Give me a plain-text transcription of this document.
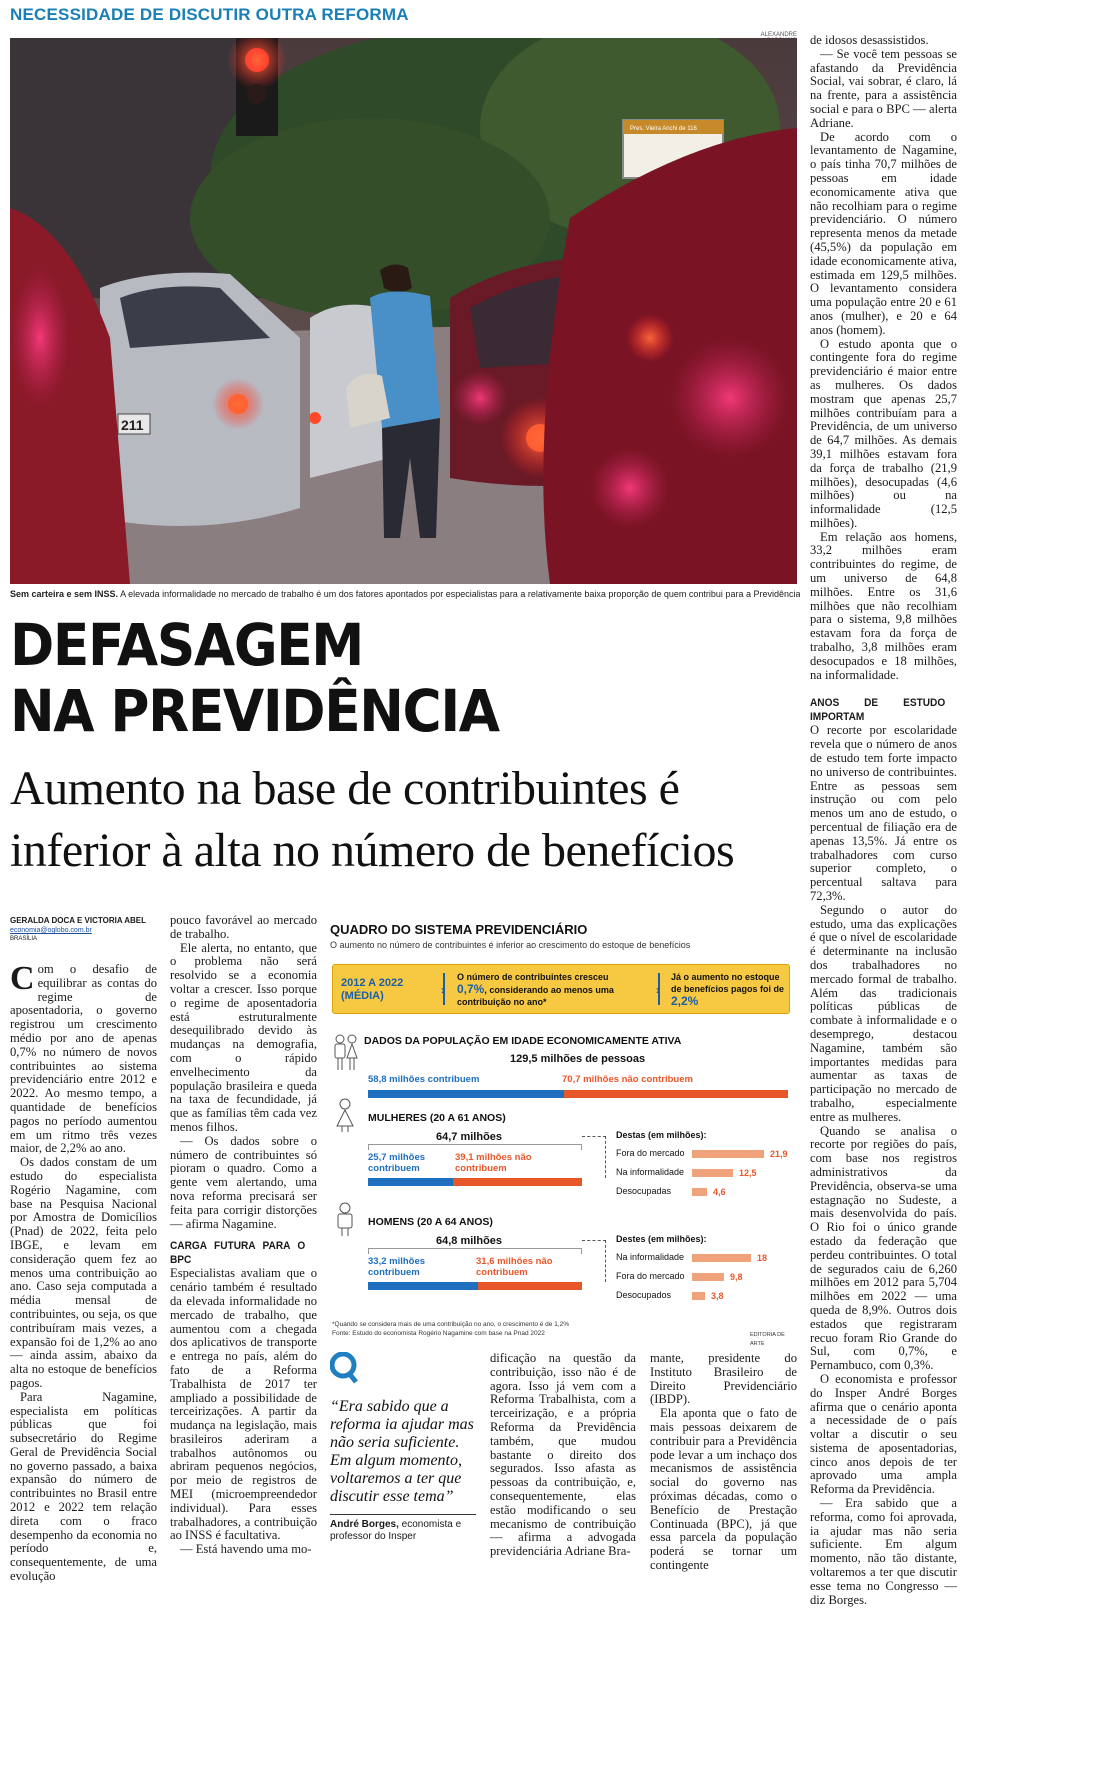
NECESSIDADE DE DISCUTIR OUTRA REFORMA
ALEXANDRE
Pres. Vieira Anchi de 116
211
Sem carteira e sem INSS. A elevada informalidade no mercado de trabalho é um dos fatores apontados por especialistas para a relativamente baixa proporção de quem contribui para a Previdência
DEFASAGEM
NA PREVIDÊNCIA
Aumento na base de contribuintes é inferior à alta no número de benefícios
GERALDA DOCA E VICTORIA ABEL
economia@oglobo.com.br
BRASÍLIA

Com o desafio de equilibrar as contas do regime de aposentadoria, o governo registrou um crescimento médio por ano de apenas 0,7% no número de novos contribuintes ao sistema previdenciário entre 2012 e 2022. Ao mesmo tempo, a quantidade de benefícios pagos no período aumentou em um ritmo três vezes maior, de 2,2% ao ano.

Os dados constam de um estudo do especialista Rogério Nagamine, com base na Pesquisa Nacional por Amostra de Domicílios (Pnad) de 2022, feita pelo IBGE, e levam em consideração quem fez ao menos uma contribuição ao ano. Caso seja computada a média mensal de contribuintes, ou seja, os que contribuíram mais vezes, a expansão foi de 1,2% ao ano — ainda assim, abaixo da alta no estoque de benefícios pagos.

Para Nagamine, especialista em políticas públicas que foi subsecretário do Regime Geral de Previdência Social no governo passado, a baixa expansão do número de contribuintes no Brasil entre 2012 e 2022 tem relação direta com o fraco desempenho da economia no período e, consequentemente, de uma evolução

pouco favorável ao mercado de trabalho.

Ele alerta, no entanto, que o problema não será resolvido se a economia voltar a crescer. Isso porque o regime de aposentadoria está estruturalmente desequilibrado devido às mudanças na demografia, com o rápido envelhecimento da população brasileira e queda na taxa de fecundidade, já que as famílias têm cada vez menos filhos.

— Os dados sobre o número de contribuintes só pioram o quadro. Como a gente vem alertando, uma nova reforma precisará ser feita para corrigir distorções — afirma Nagamine.

CARGA FUTURA PARA O BPC

Especialistas avaliam que o cenário também é resultado da elevada informalidade no mercado de trabalho, que aumentou com a chegada dos aplicativos de transporte e entrega no país, além do fato de a Reforma Trabalhista de 2017 ter ampliado a possibilidade de terceirizações. A partir da mudança na legislação, mais brasileiros aderiram a trabalhos autônomos ou abriram pequenos negócios, por meio de registros de MEI (microempreendedor individual). Para esses trabalhadores, a contribuição ao INSS é facultativa.

— Está havendo uma mo-

QUADRO DO SISTEMA PREVIDENCIÁRIO
O aumento no número de contribuintes é inferior ao crescimento do estoque de benefícios
2012 A 2022
(MÉDIA)	›
O número de contribuintes cresceu 0,7%, considerando ao menos uma contribuição no ano*
›
Já o aumento no estoque de benefícios pagos foi de 2,2%
DADOS DA POPULAÇÃO EM IDADE ECONOMICAMENTE ATIVA
129,5 milhões de pessoas
58,8 milhões contribuem	70,7 milhões não contribuem
MULHERES (20 A 61 ANOS)
64,7 milhões
25,7 milhões contribuem
39,1 milhões não contribuem
Destas (em milhões):
Fora do mercado	21,9
Na informalidade	12,5
Desocupadas	4,6
HOMENS (20 A 64 ANOS)
64,8 milhões
33,2 milhões contribuem
31,6 milhões não contribuem
Destes (em milhões):
Na informalidade	18
Fora do mercado	9,8
Desocupados	3,8
*Quando se considera mais de uma contribuição no ano, o crescimento é de 1,2%
Fonte: Estudo do economista Rogério Nagamine com base na Pnad 2022	EDITORIA DE ARTE
“Era sabido que a reforma ia ajudar mas não seria suficiente. Em algum momento, voltaremos a ter que discutir esse tema”
André Borges, economista e professor do Insper

dificação na questão da contribuição, isso não é de agora. Isso já vem com a Reforma Trabalhista, com a terceirização, e a própria Reforma da Previdência também, que mudou bastante o direito dos segurados. Isso afasta as pessoas da contribuição, e, consequentemente, elas estão modificando o seu mecanismo de contribuição — afirma a advogada previdenciária Adriane Bra-

mante, presidente do Instituto Brasileiro de Direito Previdenciário (IBDP).

Ela aponta que o fato de mais pessoas deixarem de contribuir para a Previdência pode levar a um inchaço dos mecanismos de assistência social do governo nas próximas décadas, como o Benefício de Prestação Continuada (BPC), já que essa parcela da população poderá se tornar um contingente

de idosos desassistidos.

— Se você tem pessoas se afastando da Previdência Social, vai sobrar, é claro, lá na frente, para a assistência social e para o BPC — alerta Adriane.

De acordo com o levantamento de Nagamine, o país tinha 70,7 milhões de pessoas em idade economicamente ativa que não recolhiam para o regime previdenciário. O número representa menos da metade (45,5%) da população em idade economicamente ativa, estimada em 129,5 milhões. O levantamento considera uma população entre 20 e 61 anos (mulher), e 20 e 64 anos (homem).

O estudo aponta que o contingente fora do regime previdenciário é maior entre as mulheres. Os dados mostram que apenas 25,7 milhões contribuíam para a Previdência, de um universo de 64,7 milhões. As demais 39,1 milhões estavam fora da força de trabalho (21,9 milhões), desocupadas (4,6 milhões) ou na informalidade (12,5 milhões).

Em relação aos homens, 33,2 milhões eram contribuintes do regime, de um universo de 64,8 milhões. Entre os 31,6 milhões que não recolhiam para o sistema, 9,8 milhões estavam fora da força de trabalho, 3,8 milhões eram desocupados e 18 milhões, na informalidade.

ANOS DE ESTUDO IMPORTAM

O recorte por escolaridade revela que o número de anos de estudo tem forte impacto no universo de contribuintes. Entre as pessoas sem instrução ou com pelo menos um ano de estudo, o percentual de filiação era de apenas 13,5%. Já entre os trabalhadores com curso superior completo, o percentual saltava para 72,3%.

Segundo o autor do estudo, uma das explicações é que o nível de escolaridade é determinante na inclusão dos trabalhadores no mercado formal de trabalho. Além das tradicionais políticas públicas de combate à informalidade e o desemprego, destacou Nagamine, também são importantes medidas para aumentar as taxas de participação no mercado de trabalho, especialmente entre as mulheres.

Quando se analisa o recorte por regiões do país, com base nos registros administrativos da Previdência, observa-se uma estagnação no Sudeste, a mais desenvolvida do país. O Rio foi o único grande estado da federação que perdeu contribuintes. O total de segurados caiu de 6,260 milhões em 2012 para 5,704 milhões em 2022 — uma queda de 8,9%. Outros dois estados que registraram recuo foram Rio Grande do Sul, com 0,7%, e Pernambuco, com 0,3%.

O economista e professor do Insper André Borges afirma que o cenário aponta a necessidade de o país voltar a discutir o seu sistema de aposentadorias, cinco anos depois de ter aprovado uma ampla Reforma da Previdência.

— Era sabido que a reforma, como foi aprovada, ia ajudar mas não seria suficiente. Em algum momento, não tão distante, voltaremos a ter que discutir esse tema no Congresso — diz Borges.
